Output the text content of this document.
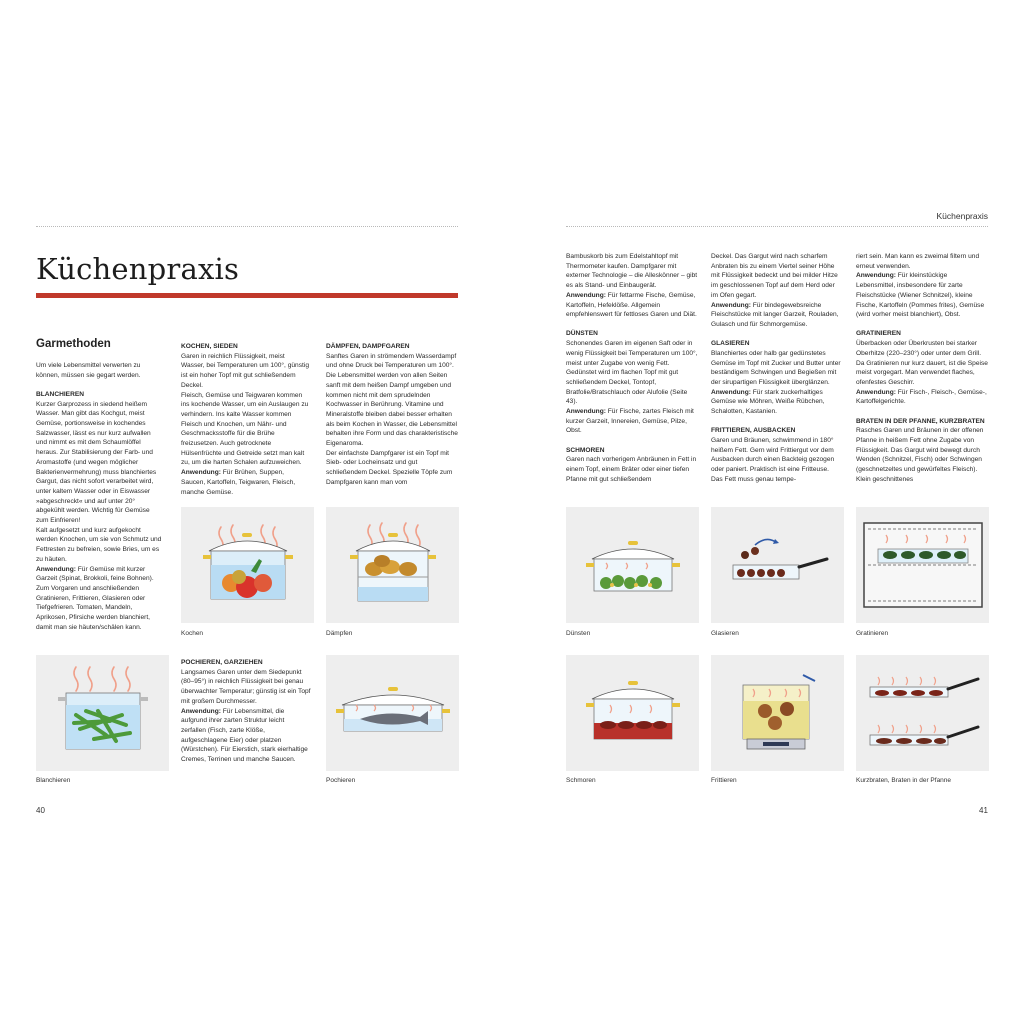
Küchenpraxis
Küchenpraxis
Garmethoden

Um viele Lebensmittel verwerten zu können, müssen sie gegart werden.

BLANCHIEREN

Kurzer Garprozess in siedend heißem Wasser. Man gibt das Kochgut, meist Gemüse, portionsweise in kochendes Salzwasser, lässt es nur kurz aufwallen und nimmt es mit dem Schaumlöffel heraus. Zur Stabilisierung der Farb- und Aromastoffe (und wegen möglicher Bakterienvermehrung) muss blanchiertes Gargut, das nicht sofort verarbeitet wird, unter kaltem Wasser oder in Eiswasser »abgeschreckt« und auf unter 20° abgekühlt werden. Wichtig für Gemüse zum Einfrieren!

Kalt aufgesetzt und kurz aufgekocht werden Knochen, um sie von Schmutz und Fettresten zu befreien, sowie Bries, um es zu häuten.

Anwendung: Für Gemüse mit kurzer Garzeit (Spinat, Brokkoli, feine Bohnen). Zum Vorgaren und anschließenden Gratinieren, Frittieren, Glasieren oder Tiefgefrieren. Tomaten, Mandeln, Aprikosen, Pfirsiche werden blanchiert, damit man sie häuten/schälen kann.

KOCHEN, SIEDEN

Garen in reichlich Flüssigkeit, meist Wasser, bei Temperaturen um 100°, günstig ist ein hoher Topf mit gut schließendem Deckel.

Fleisch, Gemüse und Teigwaren kommen ins kochende Wasser, um ein Auslaugen zu verhindern. Ins kalte Wasser kommen Fleisch und Knochen, um Nähr- und Geschmacksstoffe für die Brühe freizusetzen. Auch getrocknete Hülsenfrüchte und Getreide setzt man kalt zu, um die harten Schalen aufzuweichen.

Anwendung: Für Brühen, Suppen, Saucen, Kartoffeln, Teigwaren, Fleisch, manche Gemüse.

DÄMPFEN, DAMPFGAREN

Sanftes Garen in strömendem Wasserdampf und ohne Druck bei Temperaturen um 100°. Die Lebensmittel werden von allen Seiten sanft mit dem heißen Dampf umgeben und kommen nicht mit dem sprudelnden Kochwasser in Berührung. Vitamine und Mineralstoffe bleiben dabei besser erhalten als beim Kochen in Wasser, die Lebensmittel behalten ihre Form und das charakteristische Eigenaroma.

Der einfachste Dampfgarer ist ein Topf mit Sieb- oder Locheinsatz und gut schließendem Deckel. Spezielle Töpfe zum Dampfgaren kann man vom

POCHIEREN, GARZIEHEN

Langsames Garen unter dem Siedepunkt (80–95°) in reichlich Flüssigkeit bei genau überwachter Temperatur; günstig ist ein Topf mit großem Durchmesser.

Anwendung: Für Lebensmittel, die aufgrund ihrer zarten Struktur leicht zerfallen (Fisch, zarte Klöße, aufgeschlagene Eier) oder platzen (Würstchen). Für Eierstich, stark eierhaltige Cremes, Terrinen und manche Saucen.

Bambuskorb bis zum Edelstahltopf mit Thermometer kaufen. Dampfgarer mit externer Technologie – die Alleskönner – gibt es als Stand- und Einbaugerät.

Anwendung: Für fettarme Fische, Gemüse, Kartoffeln, Hefeklöße. Allgemein empfehlenswert für fettloses Garen und Diät.

DÜNSTEN

Schonendes Garen im eigenen Saft oder in wenig Flüssigkeit bei Temperaturen um 100°, meist unter Zugabe von wenig Fett. Gedünstet wird im flachen Topf mit gut schließendem Deckel, Tontopf, Bratfolie/Bratschlauch oder Alufolie (Seite 43).

Anwendung: Für Fische, zartes Fleisch mit kurzer Garzeit, Innereien, Gemüse, Pilze, Obst.

SCHMOREN

Garen nach vorherigem Anbräunen in Fett in einem Topf, einem Bräter oder einer tiefen Pfanne mit gut schließendem

Deckel. Das Gargut wird nach scharfem Anbraten bis zu einem Viertel seiner Höhe mit Flüssigkeit bedeckt und bei milder Hitze im geschlossenen Topf auf dem Herd oder im Ofen gegart.

Anwendung: Für bindegewebsreiche Fleischstücke mit langer Garzeit, Rouladen, Gulasch und für Schmorgemüse.

GLASIEREN

Blanchiertes oder halb gar gedünstetes Gemüse im Topf mit Zucker und Butter unter beständigem Schwingen und Begießen mit der sirupartigen Flüssigkeit überglänzen.

Anwendung: Für stark zuckerhaltiges Gemüse wie Möhren, Weiße Rübchen, Schalotten, Kastanien.

FRITTIEREN, AUSBACKEN

Garen und Bräunen, schwimmend in 180° heißem Fett. Gern wird Frittiergut vor dem Ausbacken durch einen Backteig gezogen oder paniert. Praktisch ist eine Fritteuse. Das Fett muss genau tempe-

riert sein. Man kann es zweimal filtern und erneut verwenden.

Anwendung: Für kleinstückige Lebensmittel, insbesondere für zarte Fleischstücke (Wiener Schnitzel), kleine Fische, Kartoffeln (Pommes frites), Gemüse (wird vorher meist blanchiert), Obst.

GRATINIEREN

Überbacken oder Überkrusten bei starker Oberhitze (220–230°) oder unter dem Grill. Da Gratinieren nur kurz dauert, ist die Speise meist vorgegart. Man verwendet flaches, ofenfestes Geschirr.

Anwendung: Für Fisch-, Fleisch-, Gemüse-, Kartoffelgerichte.

BRATEN IN DER PFANNE, KURZBRATEN

Rasches Garen und Bräunen in der offenen Pfanne in heißem Fett ohne Zugabe von Flüssigkeit. Das Gargut wird bewegt durch Wenden (Schnitzel, Fisch) oder Schwingen (geschnetzeltes und gewürfeltes Fleisch). Klein geschnittenes

Kochen	Dämpfen
Blanchieren	Pochieren
Dünsten	Glasieren	Gratinieren
Schmoren	Frittieren	Kurzbraten, Braten in der Pfanne
40	41
